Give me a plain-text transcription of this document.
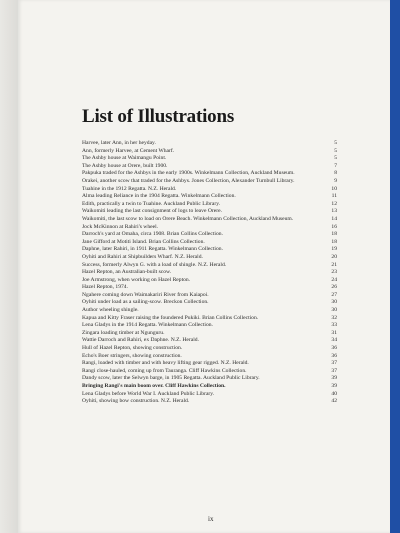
List of Illustrations
Harvee, later Ann, in her heyday.	5
Ann, formerly Harvee, at Cement Wharf.	5
The Ashby house at Waimangu Point.	5
The Ashby house at Orere, built 1900.	7
Pakpuka traded for the Ashbys in the early 1900s. Winkelmann Collection, Auckland Museum.	8
Orakei, another scow that traded for the Ashbys. Jones Collection, Alexander Turnbull Library.	9
Tuahine in the 1912 Regatta. N.Z. Herald.	10
Alma leading Reliance in the 1904 Regatta. Winkelmann Collection.	11
Edith, practically a twin to Tuahine. Auckland Public Library.	12
Waikomiti leading the last consignment of logs to leave Orere.	13
Waikomiti, the last scow to load on Orere Beach. Winkelmann Collection, Auckland Museum.	14
Jock McKinnon at Rahiri's wheel.	16
Darroch's yard at Omaha, circa 1908. Brian Collins Collection.	18
Jane Gifford at Motiti Island. Brian Collins Collection.	18
Daphne, later Rahiri, in 1911 Regatta. Winkelmann Collection.	19
Oyhiti and Rahiri at Shipbuilders Wharf. N.Z. Herald.	20
Success, formerly Alwyn G. with a load of shingle. N.Z. Herald.	21
Hazel Repton, an Australian-built scow.	23
Joe Armstrong, when working on Hazel Repton.	24
Hazel Repton, 1974.	26
Ngahere coming down Waimakariri River from Kaiapoi.	27
Oyhiti under load as a sailing-scow. Breckon Collection.	30
Author wheeling shingle.	30
Kapua and Kitty Fraser raising the foundered Pukiki. Brian Collins Collection.	32
Lena Gladys in the 1914 Regatta. Winkelmann Collection.	33
Zingara loading timber at Ngunguru.	31
Wattie Darroch and Rahiri, ex Daphne. N.Z. Herald.	34
Hull of Hazel Repton, showing construction.	36
Echo's Boer stringers, showing construction.	36
Rangi, loaded with timber and with heavy lifting gear rigged. N.Z. Herald.	37
Rangi close-hauled, coming up from Tauranga. Cliff Hawkins Collection.	37
Dandy scow, later the Selwyn barge, in 1905 Regatta. Auckland Public Library.	39
Bringing Rangi's main boom over. Cliff Hawkins Collection.	39
Lena Gladys before World War I. Auckland Public Library.	40
Oyhiti, showing bow construction. N.Z. Herald.	42
ix
